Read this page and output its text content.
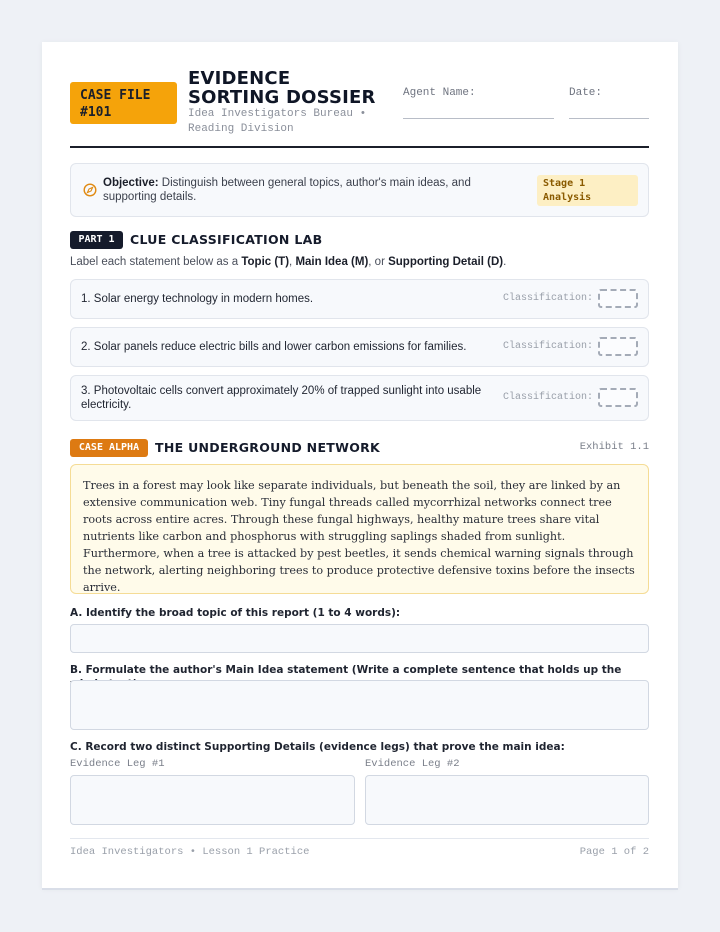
CASE FILE
#101
EVIDENCE SORTING DOSSIER
Idea Investigators Bureau • Reading Division
Agent Name:	Date:
Objective: Distinguish between general topics, author's main ideas, and supporting details.
Stage 1
Analysis
PART 1	CLUE CLASSIFICATION LAB
Label each statement below as a Topic (T), Main Idea (M), or Supporting Detail (D).
1. Solar energy technology in modern homes.	Classification:
2. Solar panels reduce electric bills and lower carbon emissions for families.	Classification:
3. Photovoltaic cells convert approximately 20% of trapped sunlight into usable electricity.
Classification:
CASE ALPHA	THE UNDERGROUND NETWORK	Exhibit 1.1
Trees in a forest may look like separate individuals, but beneath the soil, they are linked by an extensive communication web. Tiny fungal threads called mycorrhizal networks connect tree roots across entire acres. Through these fungal highways, healthy mature trees share vital nutrients like carbon and phosphorus with struggling saplings shaded from sunlight. Furthermore, when a tree is attacked by pest beetles, it sends chemical warning signals through the network, alerting neighboring trees to produce protective defensive toxins before the insects arrive.
A. Identify the broad topic of this report (1 to 4 words):
B. Formulate the author's Main Idea statement (Write a complete sentence that holds up the
C. Record two distinct Supporting Details (evidence legs) that prove the main idea:
Evidence Leg #1	Evidence Leg #2
Idea Investigators • Lesson 1 Practice	Page 1 of 2
